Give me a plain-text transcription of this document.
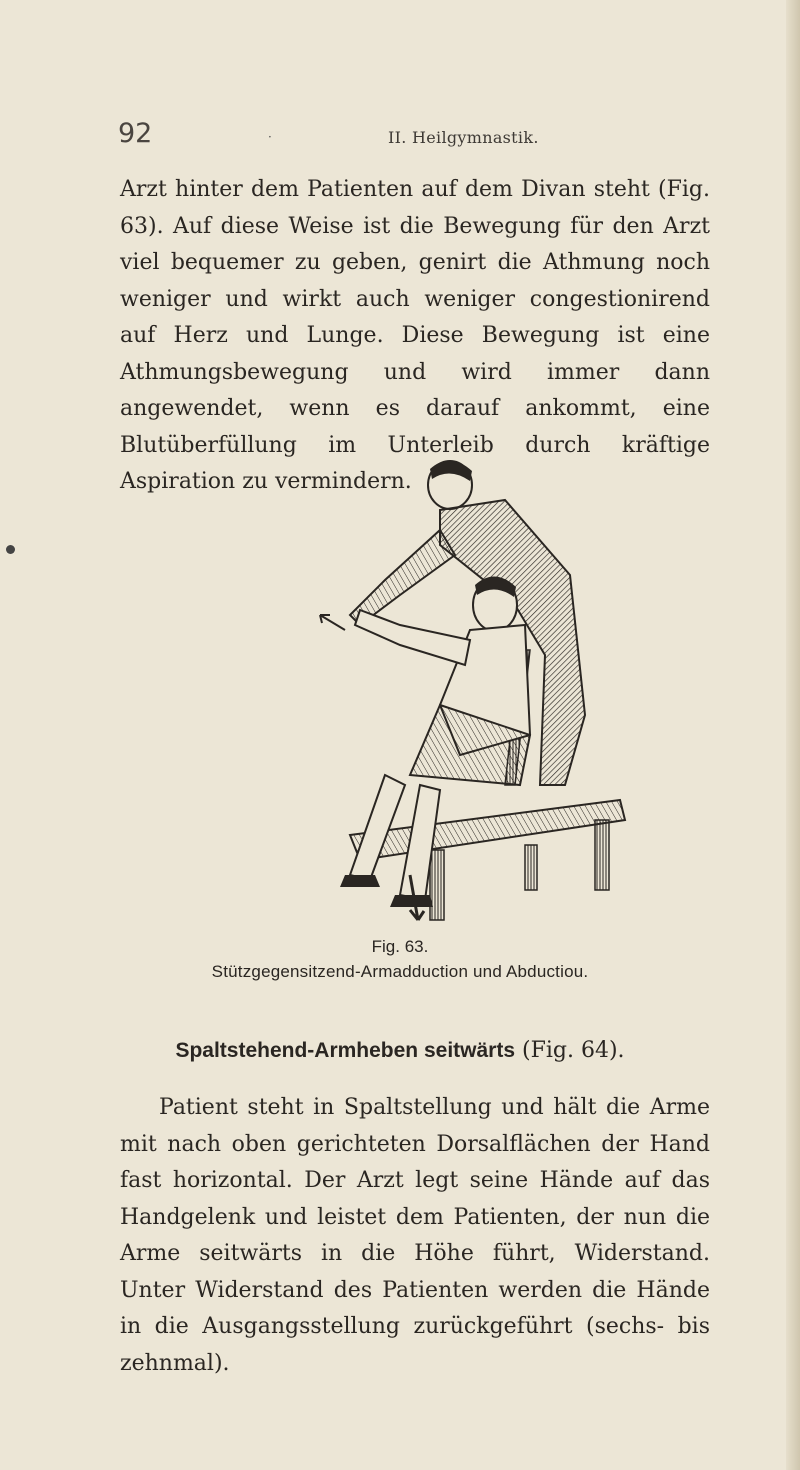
92	·	II. Heilgymnastik.

Arzt hinter dem Patienten auf dem Divan steht (Fig. 63). Auf diese Weise ist die Bewegung für den Arzt viel bequemer zu geben, genirt die Athmung noch weniger und wirkt auch weniger congestionirend auf Herz und Lunge. Diese Bewegung ist eine Athmungsbewegung und wird immer dann angewendet, wenn es darauf ankommt, eine Blutüberfüllung im Unterleib durch kräftige Aspiration zu vermindern.

Fig. 63.
Stützgegensitzend-Armadduction und Abductiou.
Spaltstehend-Armheben seitwärts (Fig. 64).

Patient steht in Spaltstellung und hält die Arme mit nach oben gerichteten Dorsalflächen der Hand fast horizontal. Der Arzt legt seine Hände auf das Handgelenk und leistet dem Patienten, der nun die Arme seitwärts in die Höhe führt, Widerstand. Unter Widerstand des Patienten werden die Hände in die Ausgangsstellung zurückgeführt (sechs- bis zehnmal).
